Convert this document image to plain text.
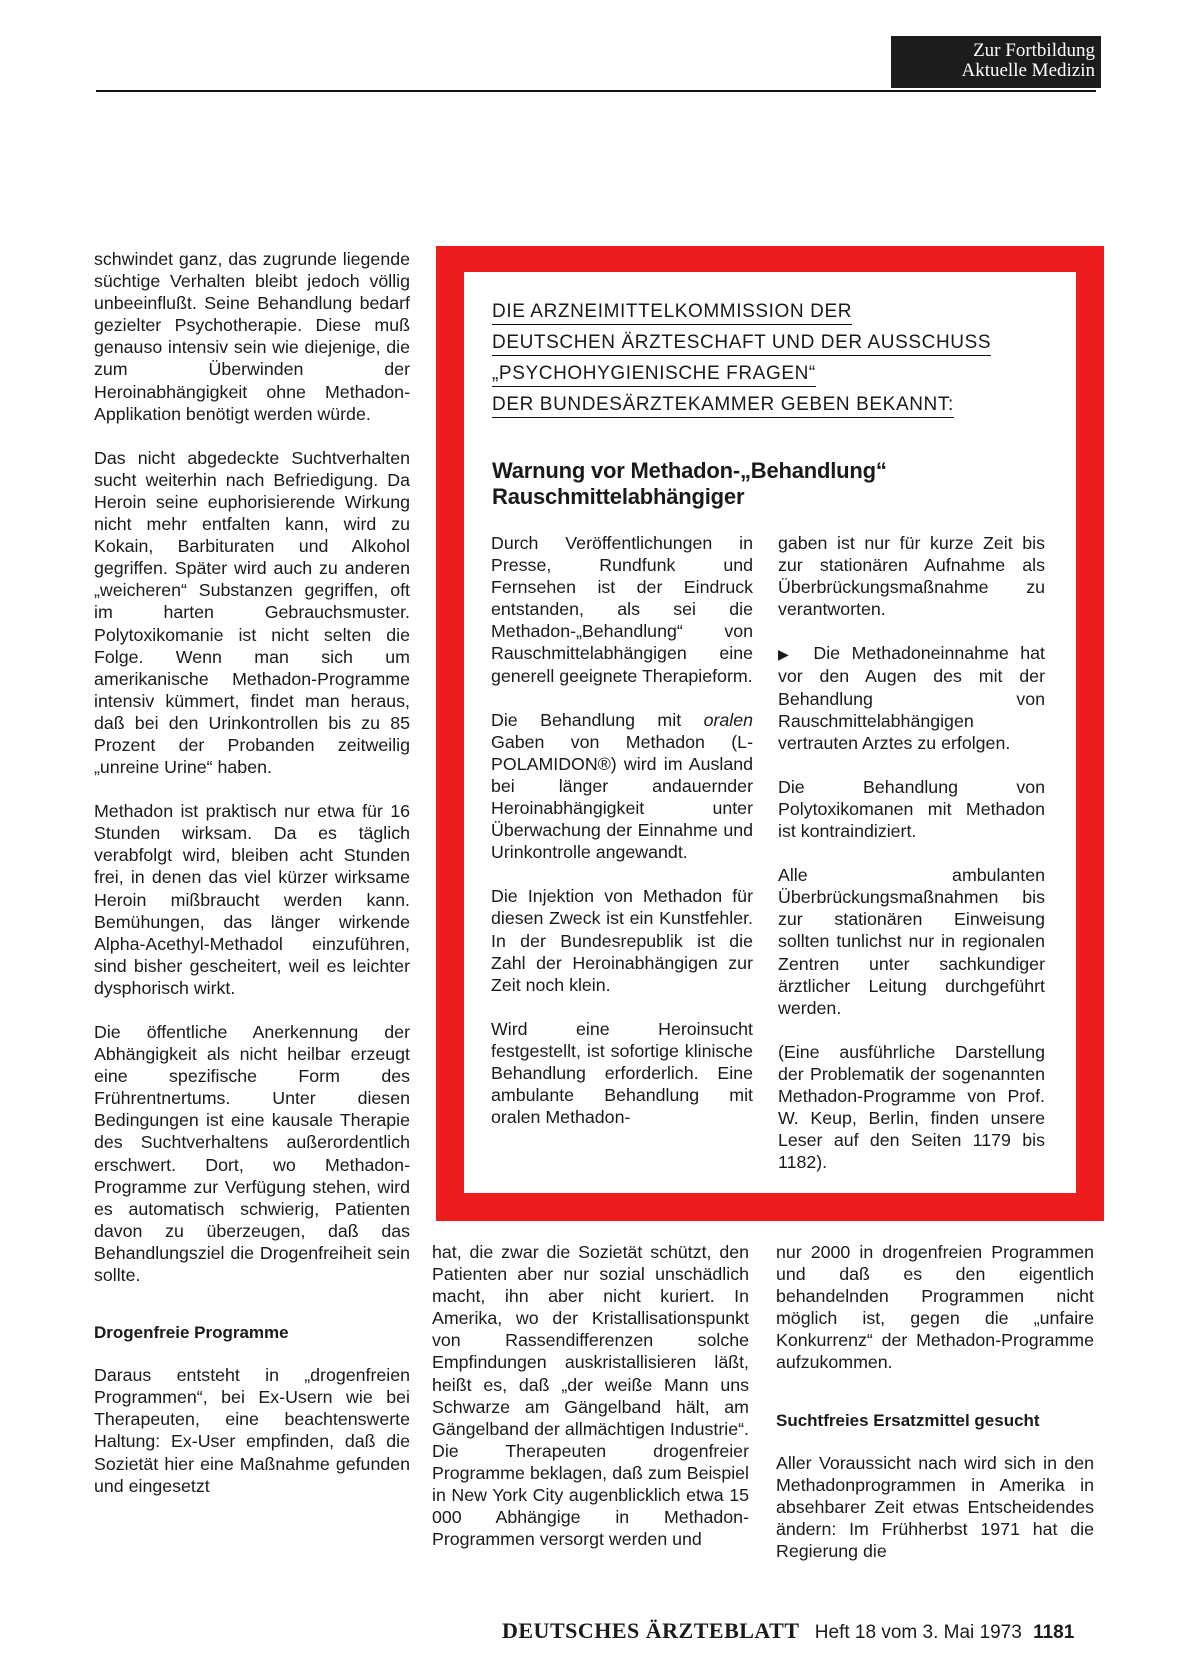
Zur Fortbildung
Aktuelle Medizin

schwindet ganz, das zugrunde liegende süchtige Verhalten bleibt jedoch völlig unbeeinflußt. Seine Behandlung bedarf gezielter Psychotherapie. Diese muß genauso intensiv sein wie diejenige, die zum Überwinden der Heroinabhängigkeit ohne Methadon-Applikation benötigt werden würde.

Das nicht abgedeckte Suchtverhalten sucht weiterhin nach Befriedigung. Da Heroin seine euphorisierende Wirkung nicht mehr entfalten kann, wird zu Kokain, Barbituraten und Alkohol gegriffen. Später wird auch zu anderen „weicheren“ Substanzen gegriffen, oft im harten Gebrauchsmuster. Polytoxikomanie ist nicht selten die Folge. Wenn man sich um amerikanische Methadon-Programme intensiv kümmert, findet man heraus, daß bei den Urinkontrollen bis zu 85 Prozent der Probanden zeitweilig „unreine Urine“ haben.

Methadon ist praktisch nur etwa für 16 Stunden wirksam. Da es täglich verabfolgt wird, bleiben acht Stunden frei, in denen das viel kürzer wirksame Heroin mißbraucht werden kann. Bemühungen, das länger wirkende Alpha-Acethyl-Methadol einzuführen, sind bisher gescheitert, weil es leichter dysphorisch wirkt.

Die öffentliche Anerkennung der Abhängigkeit als nicht heilbar erzeugt eine spezifische Form des Frührentnertums. Unter diesen Bedingungen ist eine kausale Therapie des Suchtverhaltens außerordentlich erschwert. Dort, wo Methadon-Programme zur Verfügung stehen, wird es automatisch schwierig, Patienten davon zu überzeugen, daß das Behandlungsziel die Drogenfreiheit sein sollte.

Drogenfreie Programme

Daraus entsteht in „drogenfreien Programmen“, bei Ex-Usern wie bei Therapeuten, eine beachtenswerte Haltung: Ex-User empfinden, daß die Sozietät hier eine Maßnahme gefunden und eingesetzt

DIE ARZNEIMITTELKOMMISSION DER
DEUTSCHEN ÄRZTESCHAFT UND DER AUSSCHUSS
„PSYCHOHYGIENISCHE FRAGEN“
DER BUNDESÄRZTEKAMMER GEBEN BEKANNT:
Warnung vor Methadon-„Behandlung“
Rauschmittelabhängiger

Durch Veröffentlichungen in Presse, Rundfunk und Fernsehen ist der Eindruck entstanden, als sei die Methadon-„Behandlung“ von Rauschmittelabhängigen eine generell geeignete Therapieform.

Die Behandlung mit oralen Gaben von Methadon (L-POLAMIDON®) wird im Ausland bei länger andauernder Heroinabhängigkeit unter Überwachung der Einnahme und Urinkontrolle angewandt.

Die Injektion von Methadon für diesen Zweck ist ein Kunstfehler. In der Bundesrepublik ist die Zahl der Heroinabhängigen zur Zeit noch klein.

Wird eine Heroinsucht festgestellt, ist sofortige klinische Behandlung erforderlich. Eine ambulante Behandlung mit oralen Methadon-

gaben ist nur für kurze Zeit bis zur stationären Aufnahme als Überbrückungsmaßnahme zu verantworten.

▶ Die Methadoneinnahme hat vor den Augen des mit der Behandlung von Rauschmittelabhängigen vertrauten Arztes zu erfolgen.

Die Behandlung von Polytoxikomanen mit Methadon ist kontraindiziert.

Alle ambulanten Überbrückungsmaßnahmen bis zur stationären Einweisung sollten tunlichst nur in regionalen Zentren unter sachkundiger ärztlicher Leitung durchgeführt werden.

(Eine ausführliche Darstellung der Problematik der sogenannten Methadon-Programme von Prof. W. Keup, Berlin, finden unsere Leser auf den Seiten 1179 bis 1182).

hat, die zwar die Sozietät schützt, den Patienten aber nur sozial unschädlich macht, ihn aber nicht kuriert. In Amerika, wo der Kristallisationspunkt von Rassendifferenzen solche Empfindungen auskristallisieren läßt, heißt es, daß „der weiße Mann uns Schwarze am Gängelband hält, am Gängelband der allmächtigen Industrie“. Die Therapeuten drogenfreier Programme beklagen, daß zum Beispiel in New York City augenblicklich etwa 15 000 Abhängige in Methadon-Programmen versorgt werden und

nur 2000 in drogenfreien Programmen und daß es den eigentlich behandelnden Programmen nicht möglich ist, gegen die „unfaire Konkurrenz“ der Methadon-Programme aufzukommen.

Suchtfreies Ersatzmittel gesucht

Aller Voraussicht nach wird sich in den Methadonprogrammen in Amerika in absehbarer Zeit etwas Entscheidendes ändern: Im Frühherbst 1971 hat die Regierung die

DEUTSCHES ÄRZTEBLATT Heft 18 vom 3. Mai 1973 1181
